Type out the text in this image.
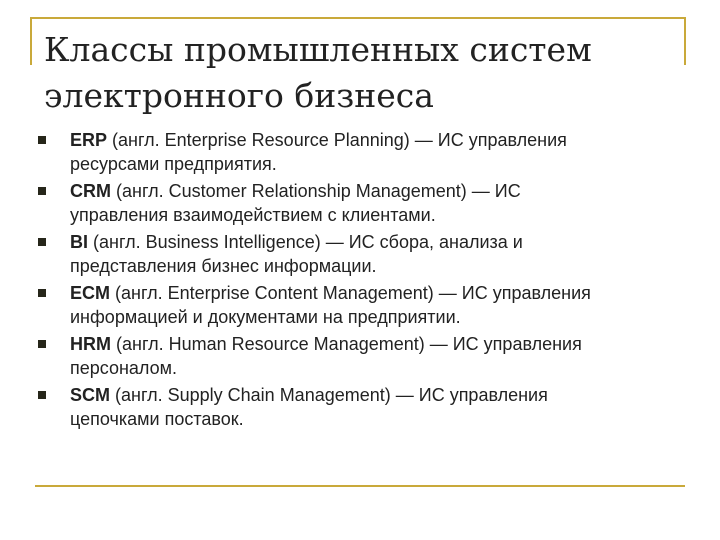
Классы промышленных систем
электронного бизнеса
ERP (англ. Enterprise Resource Planning) — ИС управления
ресурсами предприятия.
CRM (англ. Customer Relationship Management) — ИС
управления взаимодействием с клиентами.
BI (англ. Business Intelligence) — ИС сбора, анализа и
представления бизнес информации.
ECM (англ. Enterprise Content Management) — ИС управления
информацией и документами на предприятии.
HRM (англ. Human Resource Management) — ИС управления
персоналом.
SCM (англ. Supply Chain Management) — ИС управления
цепочками поставок.
